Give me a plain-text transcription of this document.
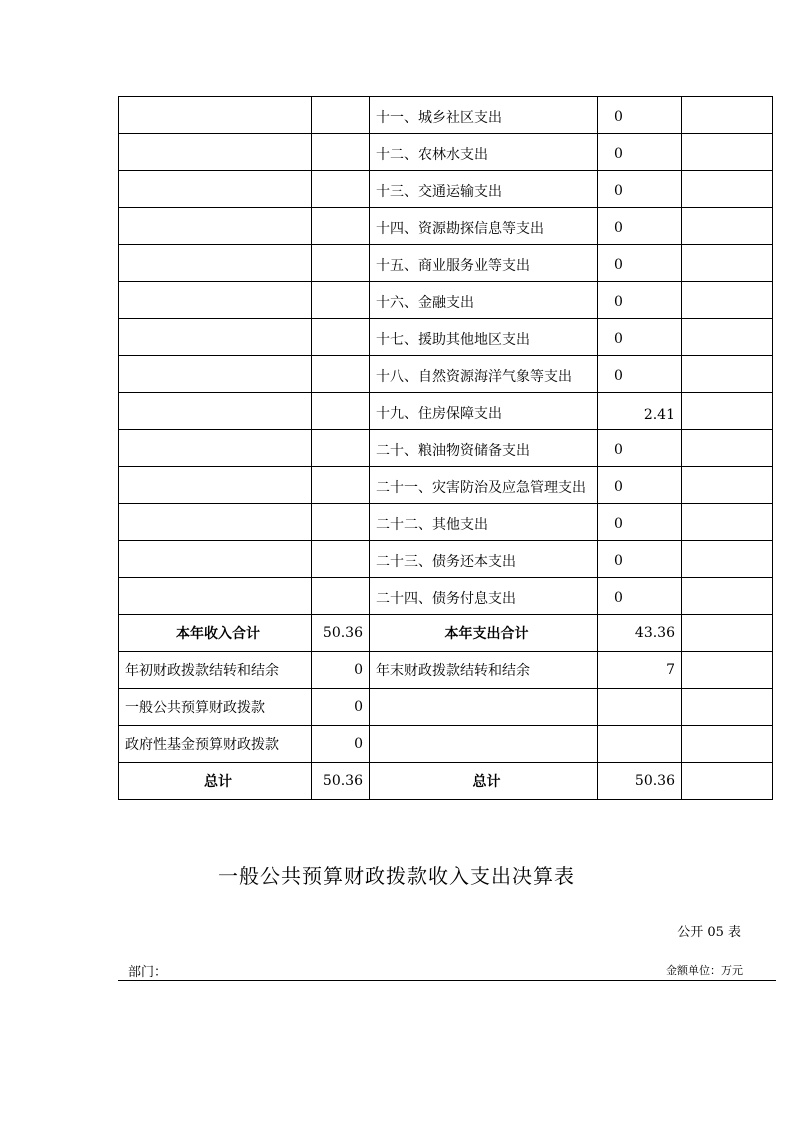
		十一、城乡社区支出	0	
		十二、农林水支出	0	
		十三、交通运输支出	0	
		十四、资源勘探信息等支出	0	
		十五、商业服务业等支出	0	
		十六、金融支出	0	
		十七、援助其他地区支出	0	
		十八、自然资源海洋气象等支出	0	
		十九、住房保障支出	2.41	
		二十、粮油物资储备支出	0	
		二十一、灾害防治及应急管理支出	0	
		二十二、其他支出	0	
		二十三、债务还本支出	0	
		二十四、债务付息支出	0	
本年收入合计	50.36	本年支出合计	43.36	
年初财政拨款结转和结余	0	年末财政拨款结转和结余	7	
一般公共预算财政拨款	0			
政府性基金预算财政拨款	0			
总计	50.36	总计	50.36	
一般公共预算财政拨款收入支出决算表
公开 05 表
部门：	金额单位：万元
